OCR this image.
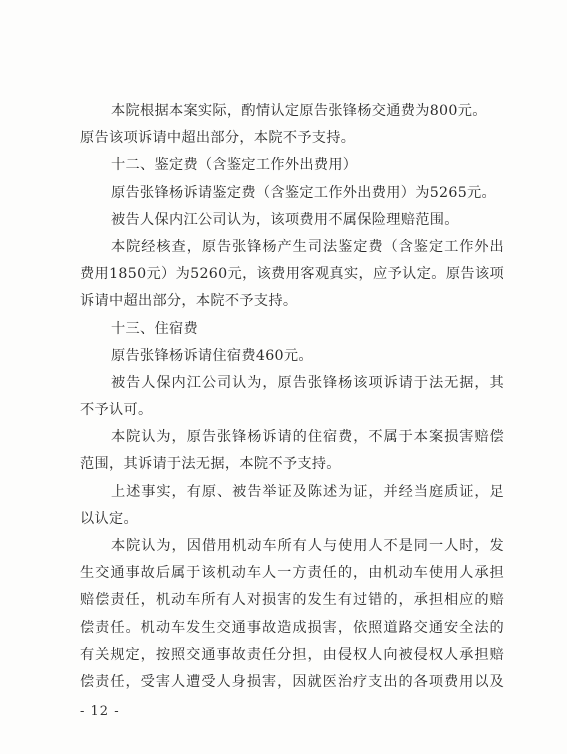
本院根据本案实际，酌情认定原告张锋杨交通费为800元。
原告该项诉请中超出部分，本院不予支持。
十二、鉴定费（含鉴定工作外出费用）
原告张锋杨诉请鉴定费（含鉴定工作外出费用）为5265元。
被告人保内江公司认为，该项费用不属保险理赔范围。
本院经核查，原告张锋杨产生司法鉴定费（含鉴定工作外出
费用1850元）为5260元，该费用客观真实，应予认定。原告该项
诉请中超出部分，本院不予支持。
十三、住宿费
原告张锋杨诉请住宿费460元。
被告人保内江公司认为，原告张锋杨该项诉请于法无据，其
不予认可。
本院认为，原告张锋杨诉请的住宿费，不属于本案损害赔偿
范围，其诉请于法无据，本院不予支持。
上述事实，有原、被告举证及陈述为证，并经当庭质证，足
以认定。
本院认为，因借用机动车所有人与使用人不是同一人时，发
生交通事故后属于该机动车人一方责任的，由机动车使用人承担
赔偿责任，机动车所有人对损害的发生有过错的，承担相应的赔
偿责任。机动车发生交通事故造成损害，依照道路交通安全法的
有关规定，按照交通事故责任分担，由侵权人向被侵权人承担赔
偿责任，受害人遭受人身损害，因就医治疗支出的各项费用以及
- 12 -
